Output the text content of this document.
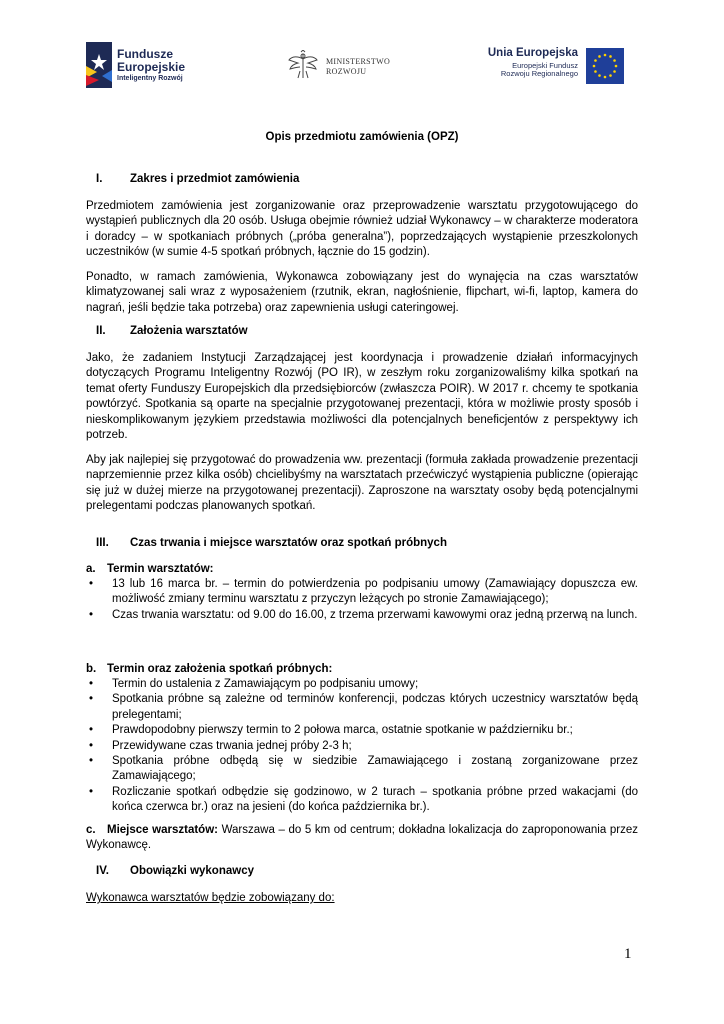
Fundusze
Europejskie
Inteligentny Rozwój
MINISTERSTWO
ROZWOJU
Unia Europejska
Europejski Fundusz
Rozwoju Regionalnego
Opis przedmiotu zamówienia (OPZ)
I. Zakres i przedmiot zamówienia

Przedmiotem zamówienia jest zorganizowanie oraz przeprowadzenie warsztatu przygotowującego do wystąpień publicznych dla 20 osób. Usługa obejmie również udział Wykonawcy – w charakterze moderatora i doradcy – w spotkaniach próbnych („próba generalna”), poprzedzających wystąpienie przeszkolonych uczestników (w sumie 4-5 spotkań próbnych, łącznie do 15 godzin).

Ponadto, w ramach zamówienia, Wykonawca zobowiązany jest do wynajęcia na czas warsztatów klimatyzowanej sali wraz z wyposażeniem (rzutnik, ekran, nagłośnienie, flipchart, wi-fi, laptop, kamera do nagrań, jeśli będzie taka potrzeba) oraz zapewnienia usługi cateringowej.

II. Założenia warsztatów

Jako, że zadaniem Instytucji Zarządzającej jest koordynacja i prowadzenie działań informacyjnych dotyczących Programu Inteligentny Rozwój (PO IR), w zeszłym roku zorganizowaliśmy kilka spotkań na temat oferty Funduszy Europejskich dla przedsiębiorców (zwłaszcza POIR). W 2017 r. chcemy te spotkania powtórzyć. Spotkania są oparte na specjalnie przygotowanej prezentacji, która w możliwie prosty sposób i nieskomplikowanym językiem przedstawia możliwości dla potencjalnych beneficjentów z perspektywy ich potrzeb.

Aby jak najlepiej się przygotować do prowadzenia ww. prezentacji (formuła zakłada prowadzenie prezentacji naprzemiennie przez kilka osób) chcielibyśmy na warsztatach przećwiczyć wystąpienia publiczne (opierając się już w dużej mierze na przygotowanej prezentacji). Zaproszone na warsztaty osoby będą potencjalnymi prelegentami podczas planowanych spotkań.

III. Czas trwania i miejsce warsztatów oraz spotkań próbnych
a. Termin warsztatów:
• 13 lub 16 marca br. – termin do potwierdzenia po podpisaniu umowy (Zamawiający dopuszcza ew. możliwość zmiany terminu warsztatu z przyczyn leżących po stronie Zamawiającego);
• Czas trwania warsztatu: od 9.00 do 16.00, z trzema przerwami kawowymi oraz jedną przerwą na lunch.
b. Termin oraz założenia spotkań próbnych:
• Termin do ustalenia z Zamawiającym po podpisaniu umowy;
• Spotkania próbne są zależne od terminów konferencji, podczas których uczestnicy warsztatów będą prelegentami;
• Prawdopodobny pierwszy termin to 2 połowa marca, ostatnie spotkanie w październiku br.;
• Przewidywane czas trwania jednej próby 2-3 h;
• Spotkania próbne odbędą się w siedzibie Zamawiającego i zostaną zorganizowane przez Zamawiającego;
• Rozliczanie spotkań odbędzie się godzinowo, w 2 turach – spotkania próbne przed wakacjami (do końca czerwca br.) oraz na jesieni (do końca października br.).

c. Miejsce warsztatów: Warszawa – do 5 km od centrum; dokładna lokalizacja do zaproponowania przez Wykonawcę.

IV. Obowiązki wykonawcy
Wykonawca warsztatów będzie zobowiązany do:
1
